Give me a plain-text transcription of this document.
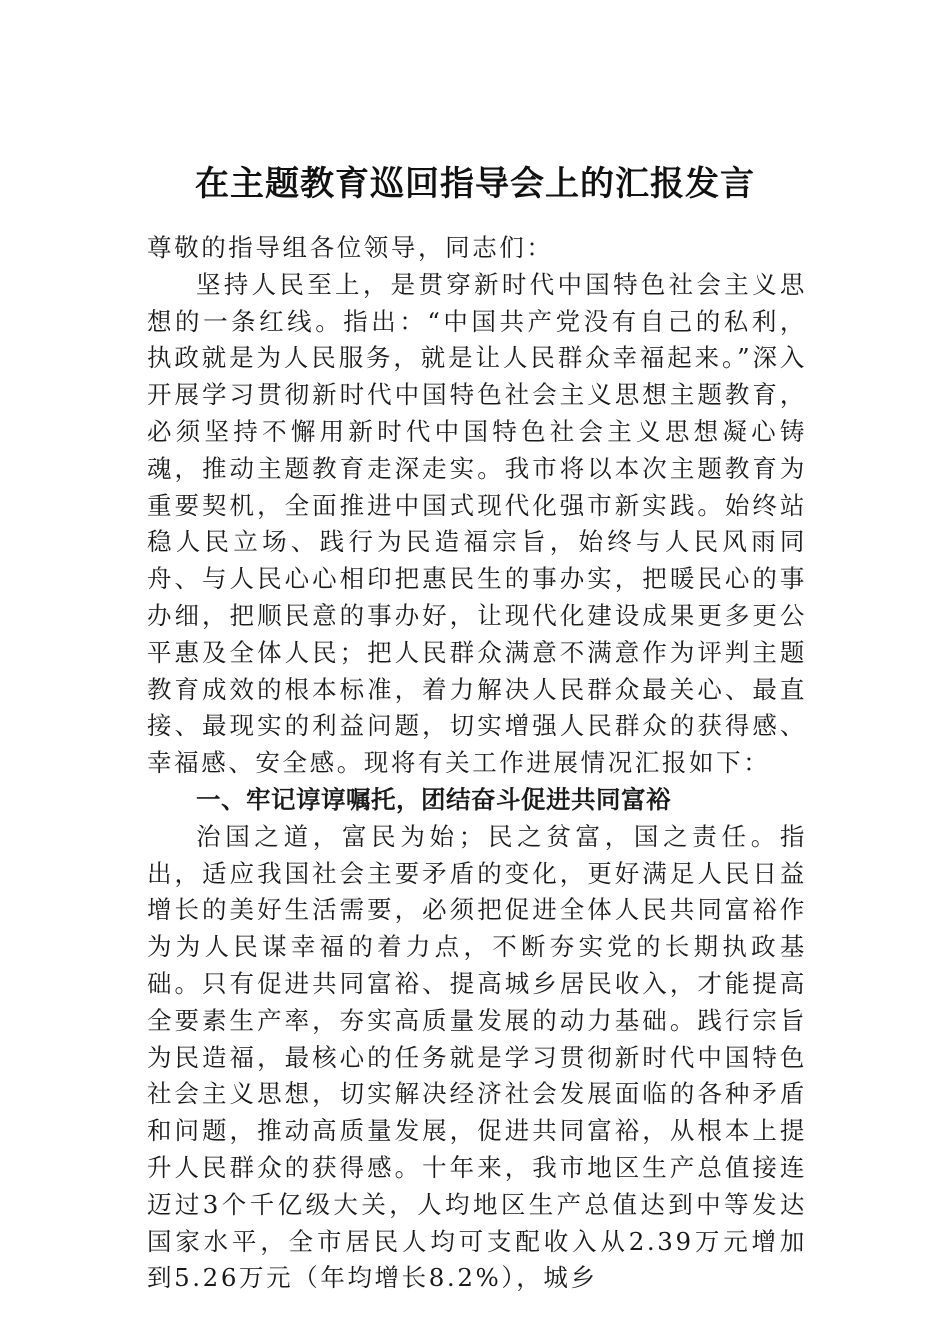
在主题教育巡回指导会上的汇报发言

尊敬的指导组各位领导，同志们：

坚持人民至上，是贯穿新时代中国特色社会主义思想的一条红线。指出：“中国共产党没有自己的私利，执政就是为人民服务，就是让人民群众幸福起来。”深入开展学习贯彻新时代中国特色社会主义思想主题教育，必须坚持不懈用新时代中国特色社会主义思想凝心铸魂，推动主题教育走深走实。我市将以本次主题教育为重要契机，全面推进中国式现代化强市新实践。始终站稳人民立场、践行为民造福宗旨，始终与人民风雨同舟、与人民心心相印把惠民生的事办实，把暖民心的事办细，把顺民意的事办好，让现代化建设成果更多更公平惠及全体人民；把人民群众满意不满意作为评判主题教育成效的根本标准，着力解决人民群众最关心、最直接、最现实的利益问题，切实增强人民群众的获得感、幸福感、安全感。现将有关工作进展情况汇报如下：

一、牢记谆谆嘱托，团结奋斗促进共同富裕

治国之道，富民为始；民之贫富，国之责任。指出，适应我国社会主要矛盾的变化，更好满足人民日益增长的美好生活需要，必须把促进全体人民共同富裕作为为人民谋幸福的着力点，不断夯实党的长期执政基础。只有促进共同富裕、提高城乡居民收入，才能提高全要素生产率，夯实高质量发展的动力基础。践行宗旨为民造福，最核心的任务就是学习贯彻新时代中国特色社会主义思想，切实解决经济社会发展面临的各种矛盾和问题，推动高质量发展，促进共同富裕，从根本上提升人民群众的获得感。十年来，我市地区生产总值接连迈过3个千亿级大关，人均地区生产总值达到中等发达国家水平，全市居民人均可支配收入从2.39万元增加到5.26万元（年均增长8.2%），城乡
